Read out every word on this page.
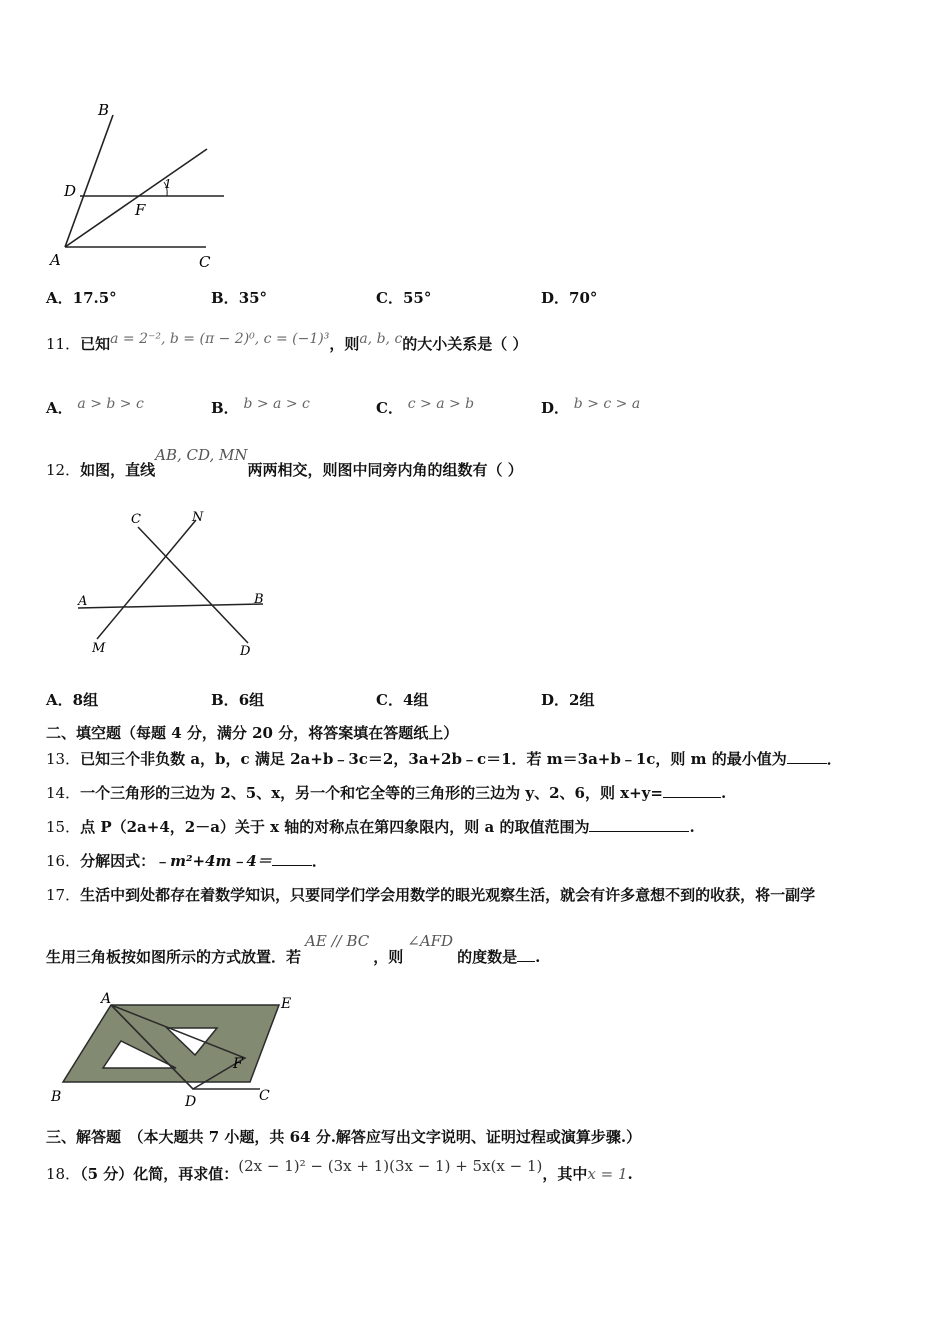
B
D
F
1
A	C
A．17.5°	B．35°	C．55°	D．70°
11．已知a = 2⁻², b = (π − 2)⁰, c = (−1)³，则a, b, c的大小关系是（ ）
A． a > b > c	B． b > a > c	C． c > a > b	D． b > c > a
12．如图，直线AB, CD, MN两两相交，则图中同旁内角的组数有（ ）
C	N
A	B
M	D
A．8组	B．6组	C．4组	D．2组
二、填空题（每题 4 分，满分 20 分，将答案填在答题纸上）
13．已知三个非负数 a，b，c 满足 2a+b﹣3c＝2，3a+2b﹣c＝1．若 m＝3a+b﹣1c，则 m 的最小值为	．
14．一个三角形的三边为 2、5、x，另一个和它全等的三角形的三边为 y、2、6，则 x+y=	.
15．点 P（2a+4，2－a）关于 x 轴的对称点在第四象限内，则 a 的取值范围为	.
16．分解因式：﹣m²+4m﹣4＝	．
17．生活中到处都存在着数学知识，只要同学们学会用数学的眼光观察生活，就会有许多意想不到的收获，将一副学
生用三角板按如图所示的方式放置．若AE // BC，则∠AFD的度数是 .
A	E
F
B	D	C
三、解答题　（本大题共 7 小题，共 64 分.解答应写出文字说明、证明过程或演算步骤.）
18．（5 分）化简，再求值：(2x − 1)² − (3x + 1)(3x − 1) + 5x(x − 1)，其中x = 1.
